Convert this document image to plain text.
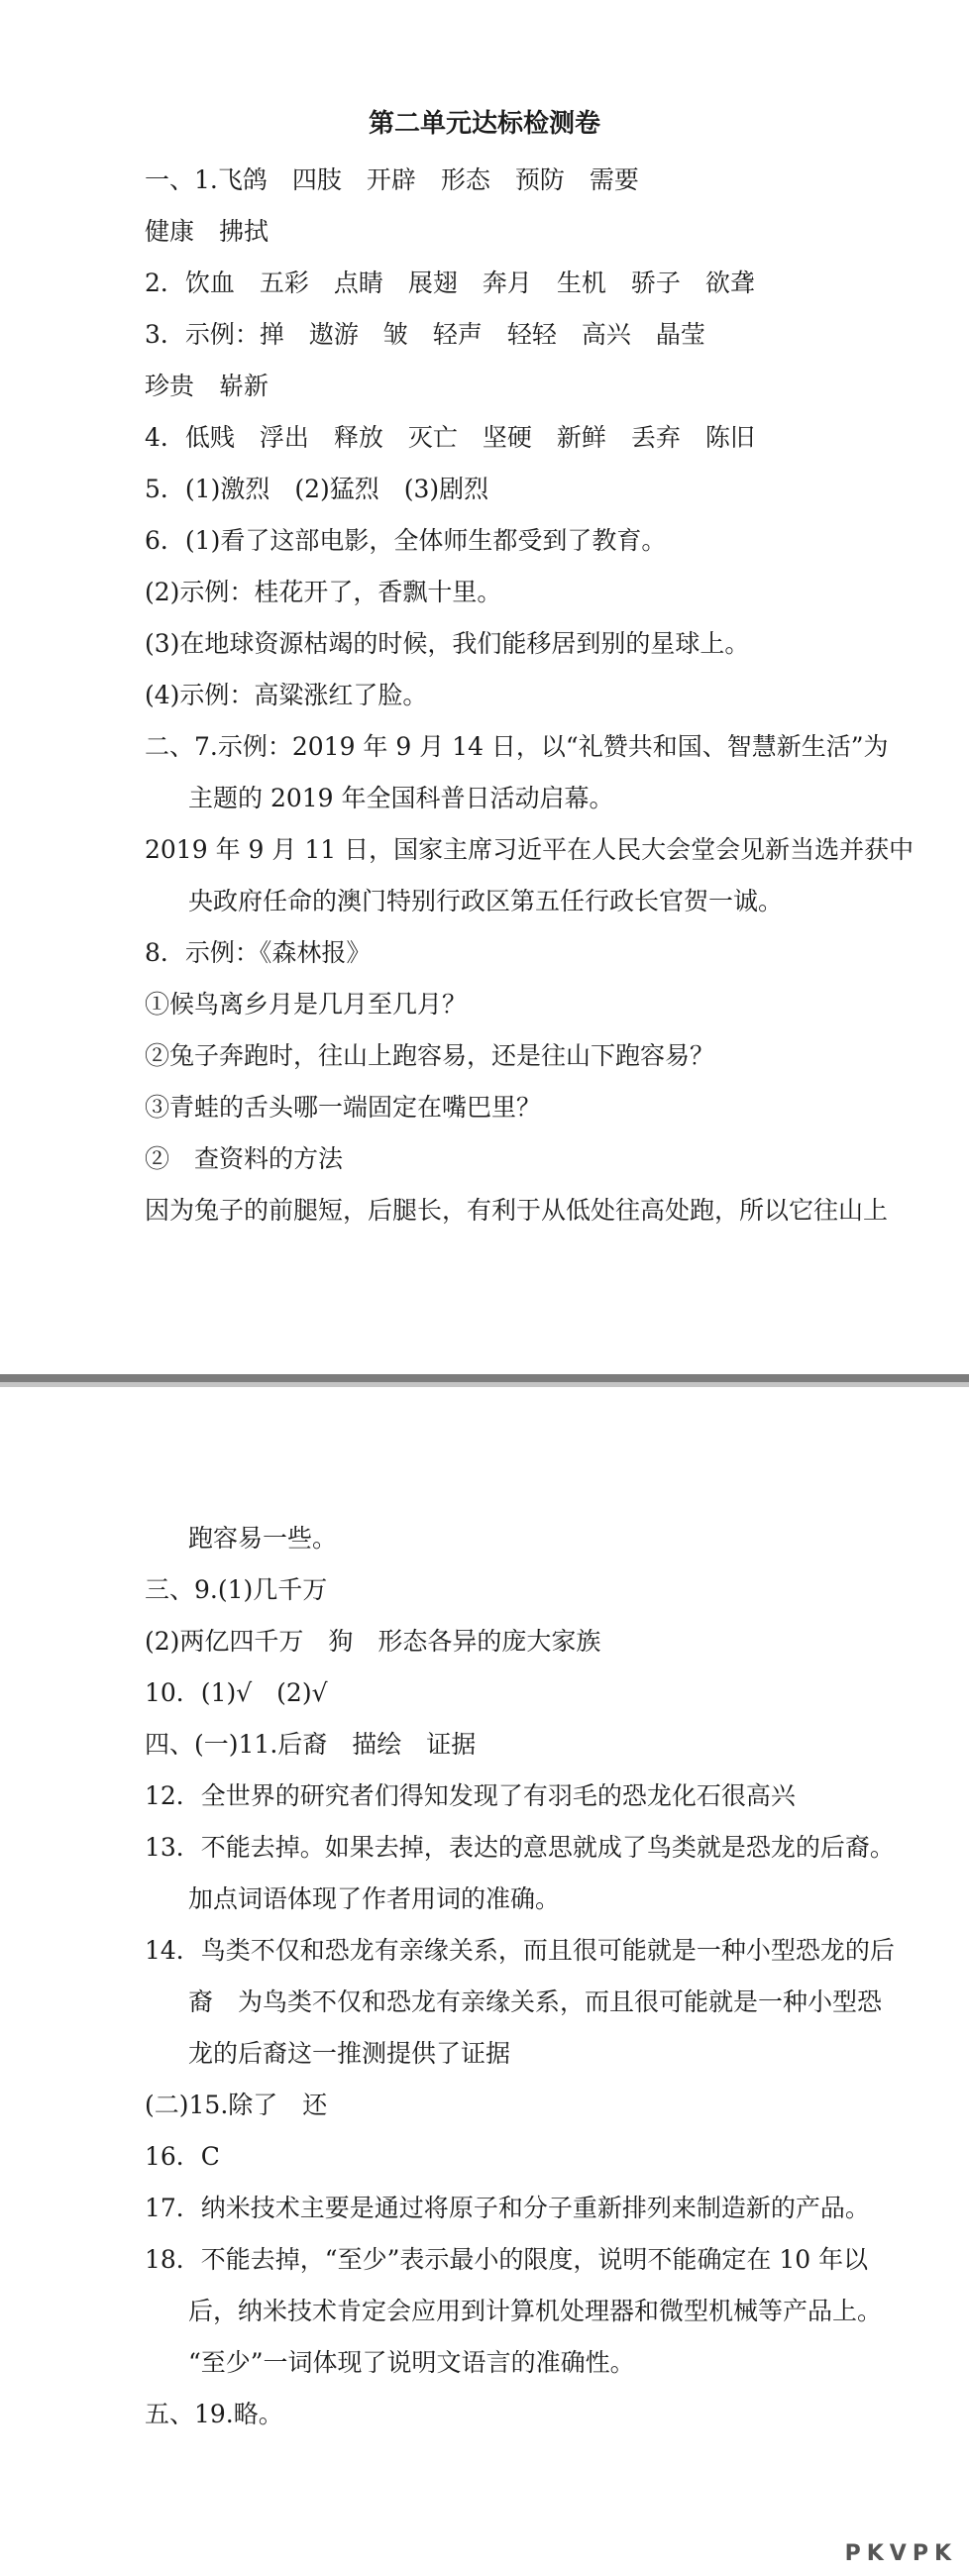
第二单元达标检测卷
一、1.飞鸽　四肢　开辟　形态　预防　需要
健康　拂拭
2．饮血　五彩　点睛　展翅　奔月　生机　骄子　欲聋
3．示例：掸　遨游　皱　轻声　轻轻　高兴　晶莹
珍贵　崭新
4．低贱　浮出　释放　灭亡　坚硬　新鲜　丢弃　陈旧
5．(1)激烈　(2)猛烈　(3)剧烈
6．(1)看了这部电影，全体师生都受到了教育。
(2)示例：桂花开了，香飘十里。
(3)在地球资源枯竭的时候，我们能移居到别的星球上。
(4)示例：高粱涨红了脸。
二、7.示例：2019 年 9 月 14 日，以“礼赞共和国、智慧新生活”为
主题的 2019 年全国科普日活动启幕。
2019 年 9 月 11 日，国家主席习近平在人民大会堂会见新当选并获中
央政府任命的澳门特别行政区第五任行政长官贺一诚。
8．示例：《森林报》
①候鸟离乡月是几月至几月？
②兔子奔跑时，往山上跑容易，还是往山下跑容易？
③青蛙的舌头哪一端固定在嘴巴里？
②　查资料的方法
因为兔子的前腿短，后腿长，有利于从低处往高处跑，所以它往山上
跑容易一些。
三、9.(1)几千万
(2)两亿四千万　狗　形态各异的庞大家族
10．(1)√　(2)√
四、(一)11.后裔　描绘　证据
12．全世界的研究者们得知发现了有羽毛的恐龙化石很高兴
13．不能去掉。如果去掉，表达的意思就成了鸟类就是恐龙的后裔。
加点词语体现了作者用词的准确。
14．鸟类不仅和恐龙有亲缘关系，而且很可能就是一种小型恐龙的后
裔　为鸟类不仅和恐龙有亲缘关系，而且很可能就是一种小型恐
龙的后裔这一推测提供了证据
(二)15.除了　还
16．C
17．纳米技术主要是通过将原子和分子重新排列来制造新的产品。
18．不能去掉，“至少”表示最小的限度，说明不能确定在 10 年以
后，纳米技术肯定会应用到计算机处理器和微型机械等产品上。
“至少”一词体现了说明文语言的准确性。
五、19.略。
PKVPK
